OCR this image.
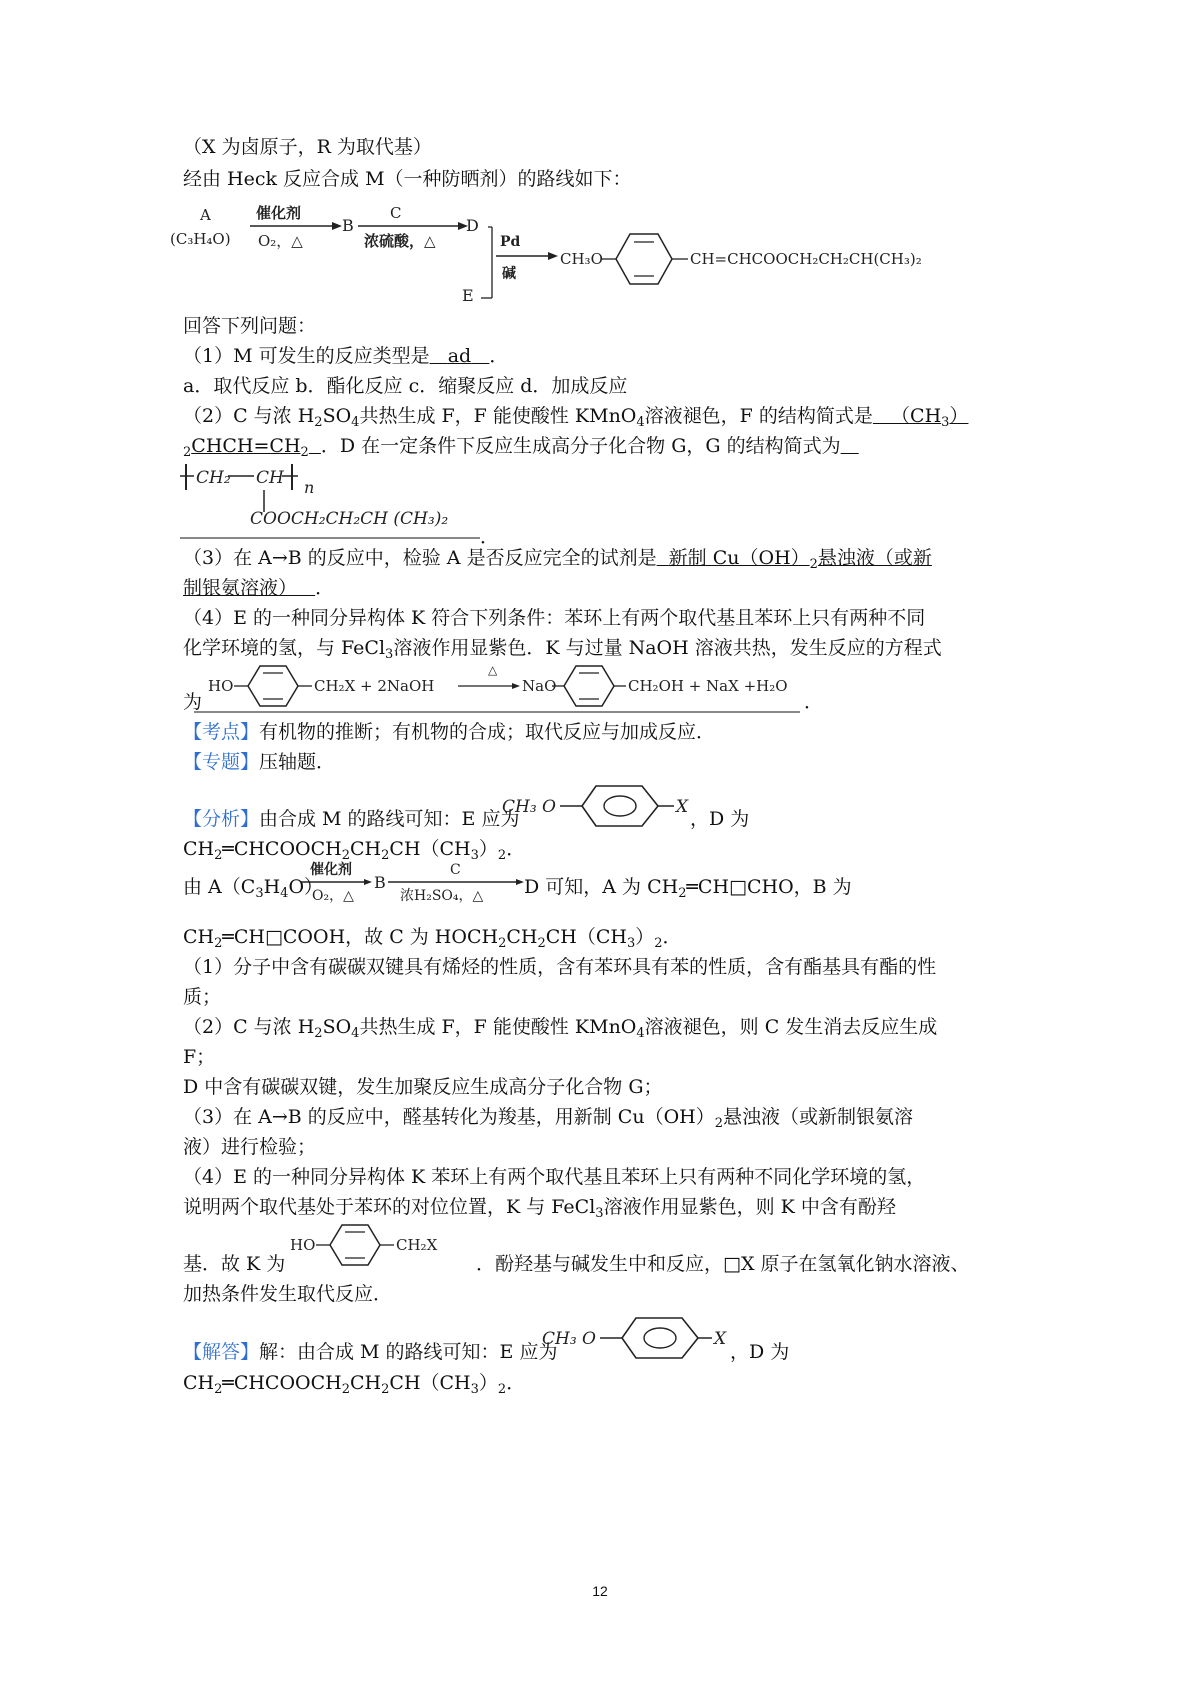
（X 为卤原子，R 为取代基）
经由 Heck 反应合成 M（一种防晒剂）的路线如下：
A
(C₃H₄O)
催化剂
O₂，△
B
C
浓硫酸，△
D
E
Pd
碱
CH₃O	CH=CHCOOCH₂CH₂CH(CH₃)₂
回答下列问题：
（1）M 可发生的反应类型是 ad ．
a．取代反应 b．酯化反应 c．缩聚反应 d．加成反应
（2）C 与浓 $H_2SO_4$共热生成 F，F 能使酸性 KMnO$_4$溶液褪色，F 的结构简式是 $(CH_3)$
$_2CHCH=CH_2$ ．D 在一定条件下反应生成高分子化合物 G，G 的结构简式为
CH₂ CH n
COOCH₂CH₂CH (CH₃)₂
．
（3）在 A→B 的反应中，检验 A 是否反应完全的试剂是 新制 $Cu(OH)_2$悬浊液（或新
制银氨溶液） ．
（4）E 的一种同分异构体 K 符合下列条件：苯环上有两个取代基且苯环上只有两种不同
化学环境的氢，与 FeCl$_3$溶液作用显紫色．K 与过量 NaOH 溶液共热，发生反应的方程式
为
HO	CH₂X + 2NaOH
△
NaO	CH₂OH + NaX +H₂O
．
【考点】有机物的推断；有机物的合成；取代反应与加成反应．
【专题】压轴题．
【分析】由合成 M 的路线可知：E 应为
CH₃ O	X
，D 为
$CH_2═CHCOOCH_2CH_2CH(CH_3)_2$．
由 $A(C_3H_4O)$
催化剂
O₂，△
B
C
浓H₂SO₄，△ D 可知，A 为 $CH_2═CH□CHO$，B 为
$CH_2═CH□COOH$，故 C 为 $HOCH_2CH_2CH(CH_3)_2$．
（1）分子中含有碳碳双键具有烯烃的性质，含有苯环具有苯的性质，含有酯基具有酯的性
质；
（2）C 与浓 $H_2SO_4$共热生成 F，F 能使酸性 KMnO$_4$溶液褪色，则 C 发生消去反应生成
F；
D 中含有碳碳双键，发生加聚反应生成高分子化合物 G；
（3）在 A→B 的反应中，醛基转化为羧基，用新制 $Cu(OH)_2$悬浊液（或新制银氨溶
液）进行检验；
（4）E 的一种同分异构体 K 苯环上有两个取代基且苯环上只有两种不同化学环境的氢，
说明两个取代基处于苯环的对位位置，K 与 FeCl$_3$溶液作用显紫色，则 K 中含有酚羟
基．故 K 为
HO	CH₂X
．酚羟基与碱发生中和反应，□X 原子在氢氧化钠水溶液、
加热条件发生取代反应．
【解答】解：由合成 M 的路线可知：E 应为
CH₃ O	X
，D 为
$CH_2═CHCOOCH_2CH_2CH(CH_3)_2$．
12
